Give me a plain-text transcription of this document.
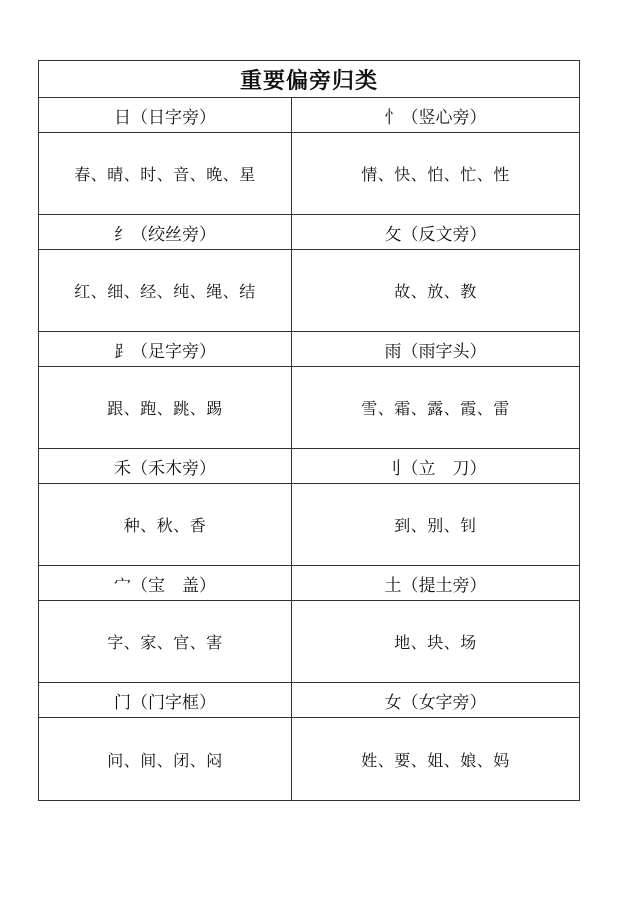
重要偏旁归类
日（日字旁）	忄（竖心旁）
春、晴、时、音、晚、星	情、快、怕、忙、性
纟（绞丝旁）	攵（反文旁）
红、细、经、纯、绳、结	故、放、教
⻊（足字旁）	雨（雨字头）
跟、跑、跳、踢	雪、霜、露、霞、雷
禾（禾木旁）	刂（立　刀）
种、秋、香	到、别、钊
宀（宝　盖）	土（提土旁）
字、家、官、害	地、块、场
门（门字框）	女（女字旁）
问、间、闭、闷	姓、要、姐、娘、妈
